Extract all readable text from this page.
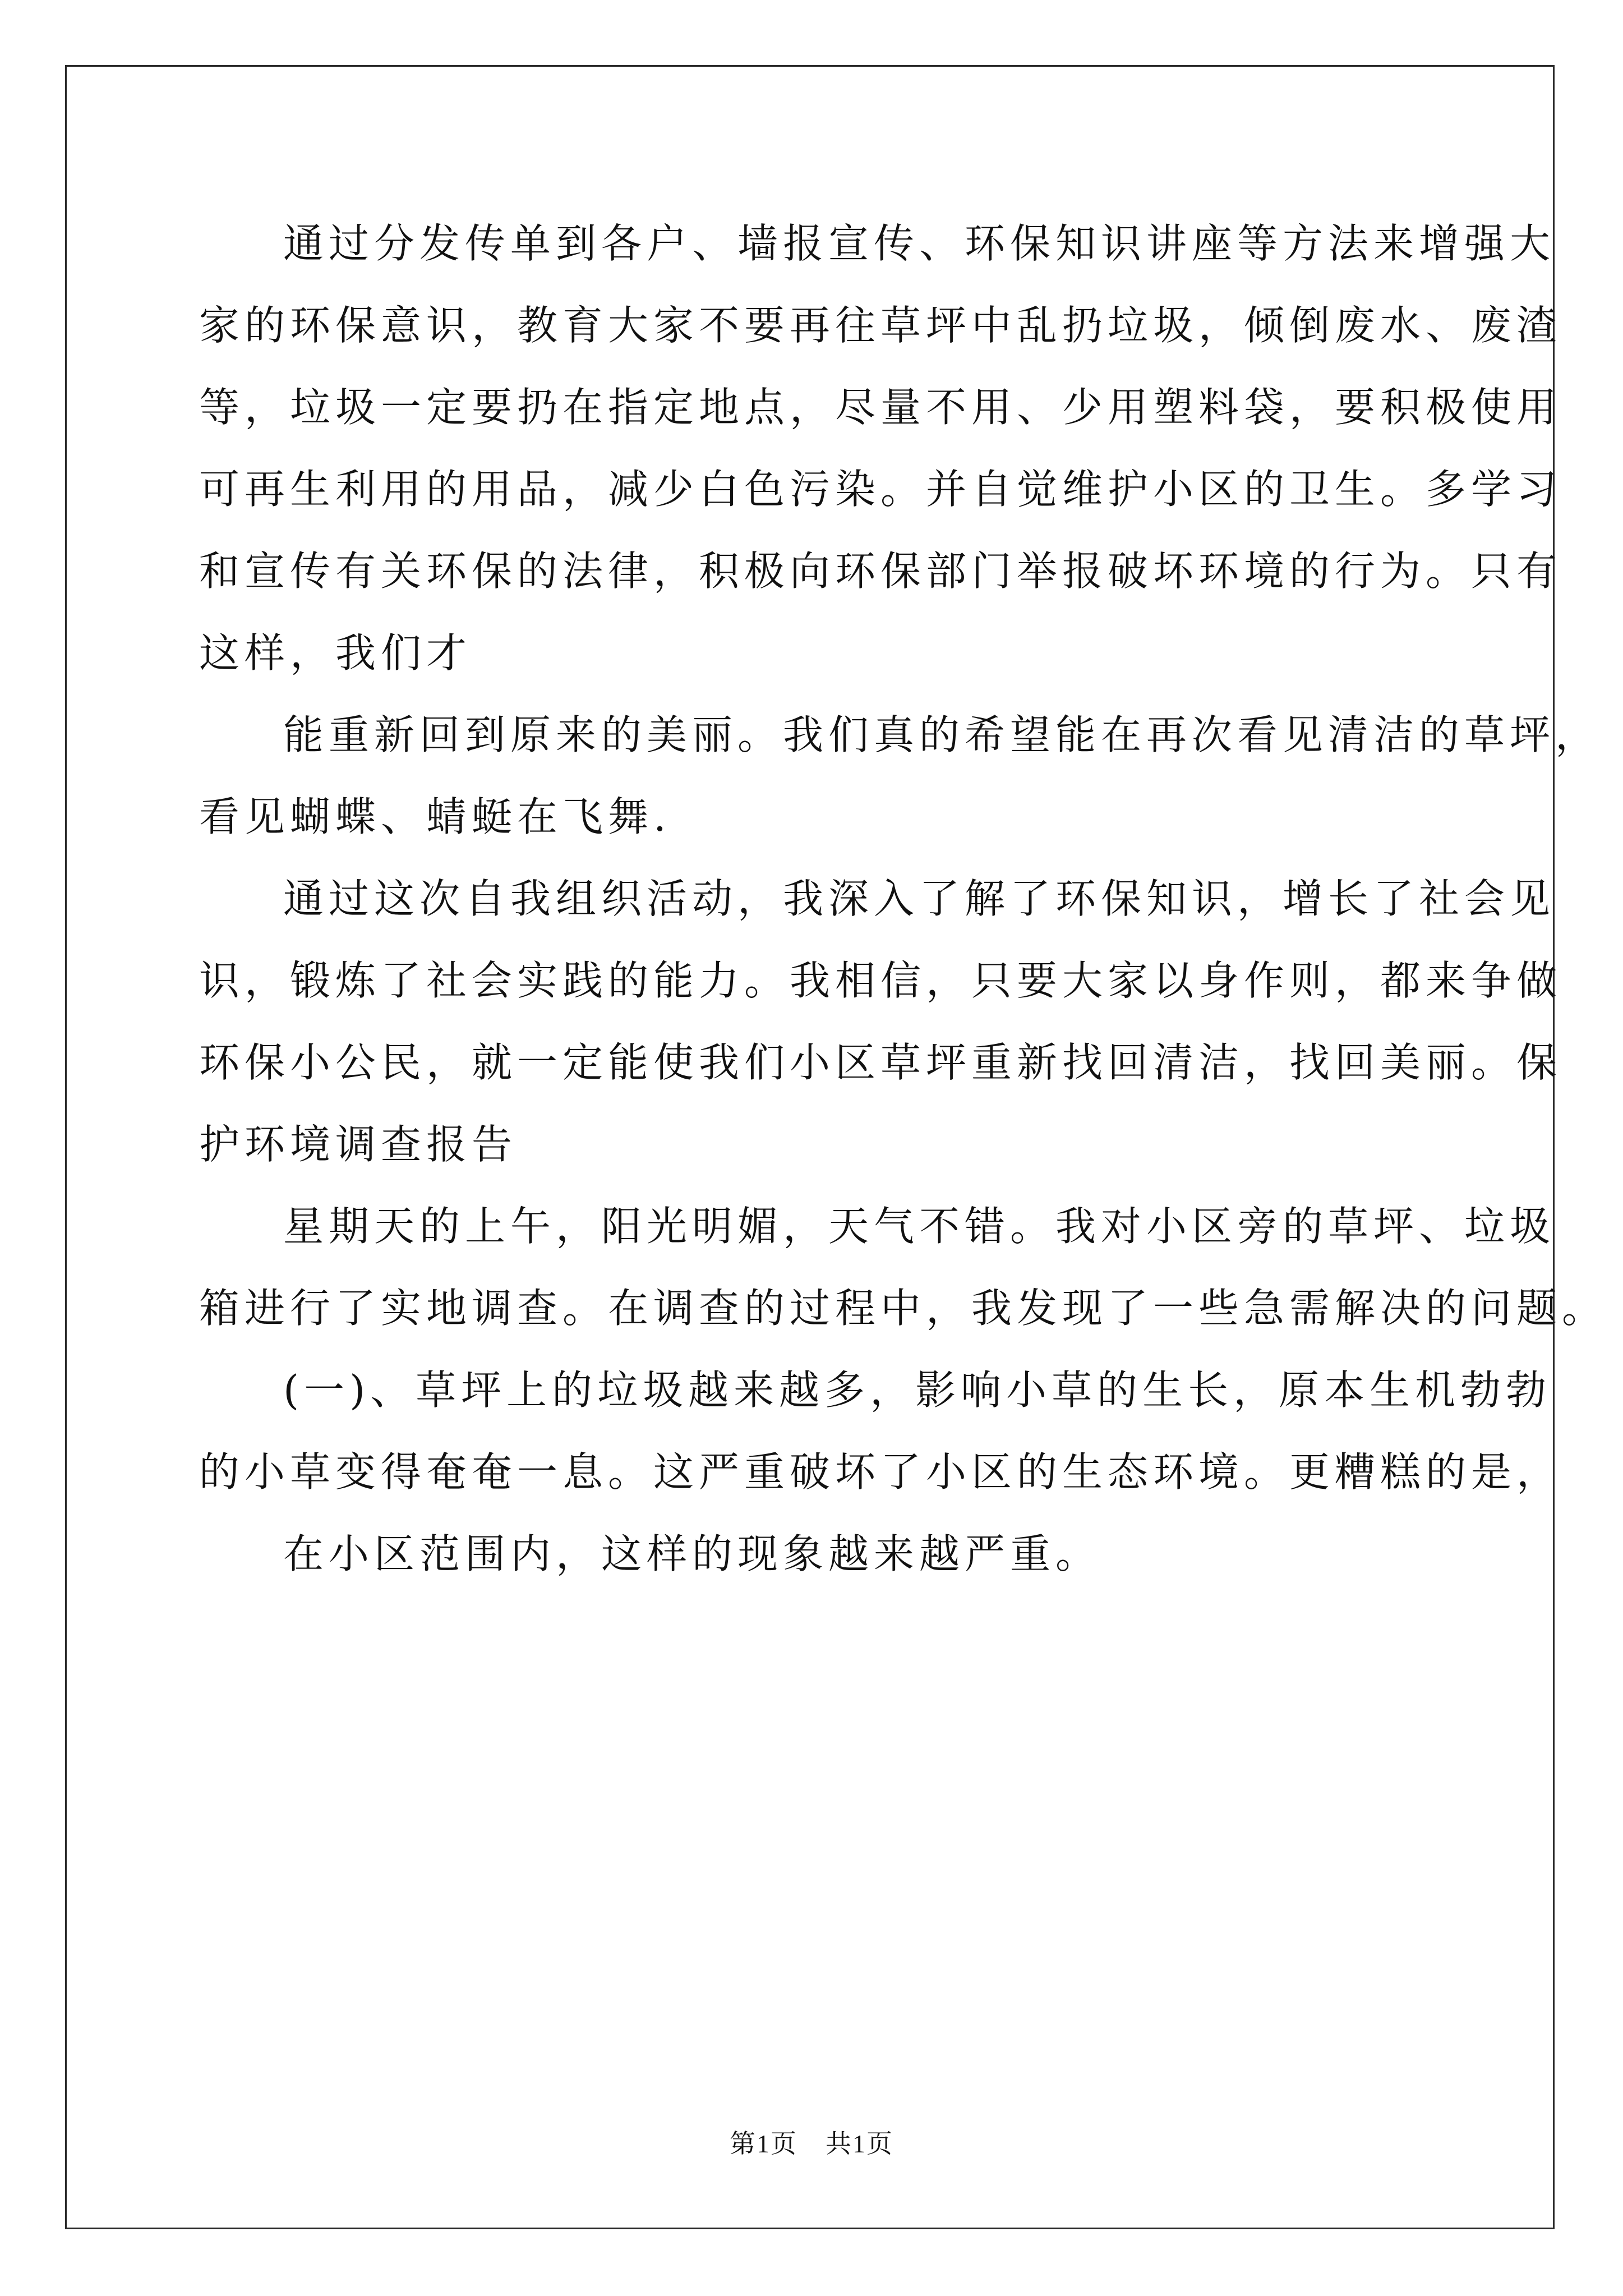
通过分发传单到各户、墙报宣传、环保知识讲座等方法来增强大
家的环保意识，教育大家不要再往草坪中乱扔垃圾，倾倒废水、废渣
等，垃圾一定要扔在指定地点，尽量不用、少用塑料袋，要积极使用
可再生利用的用品，减少白色污染。并自觉维护小区的卫生。多学习
和宣传有关环保的法律，积极向环保部门举报破坏环境的行为。只有
这样，我们才
能重新回到原来的美丽。我们真的希望能在再次看见清洁的草坪，
看见蝴蝶、蜻蜓在飞舞.
通过这次自我组织活动，我深入了解了环保知识，增长了社会见
识，锻炼了社会实践的能力。我相信，只要大家以身作则，都来争做
环保小公民，就一定能使我们小区草坪重新找回清洁，找回美丽。保
护环境调查报告
星期天的上午，阳光明媚，天气不错。我对小区旁的草坪、垃圾
箱进行了实地调查。在调查的过程中，我发现了一些急需解决的问题。
(一)、草坪上的垃圾越来越多，影响小草的生长，原本生机勃勃
的小草变得奄奄一息。这严重破坏了小区的生态环境。更糟糕的是，
在小区范围内，这样的现象越来越严重。
第1页 共1页
